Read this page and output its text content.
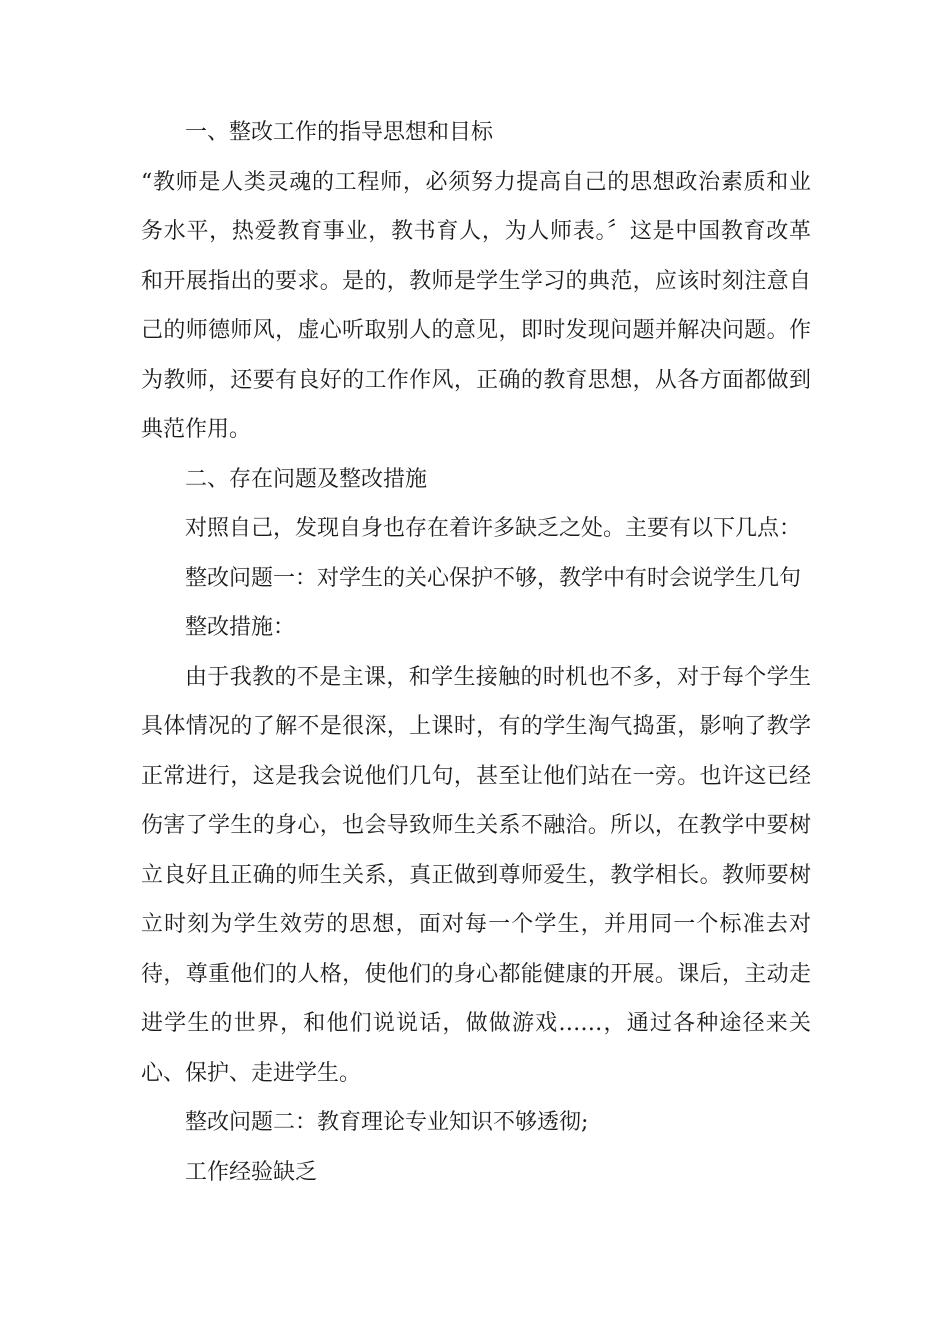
一、整改工作的指导思想和目标

“教师是人类灵魂的工程师，必须努力提高自己的思想政治素质和业务水平，热爱教育事业，教书育人，为人师表。〞这是中国教育改革和开展指出的要求。是的，教师是学生学习的典范，应该时刻注意自己的师德师风，虚心听取别人的意见，即时发现问题并解决问题。作为教师，还要有良好的工作作风，正确的教育思想，从各方面都做到典范作用。

二、存在问题及整改措施

对照自己，发现自身也存在着许多缺乏之处。主要有以下几点：

整改问题一：对学生的关心保护不够，教学中有时会说学生几句

整改措施：

由于我教的不是主课，和学生接触的时机也不多，对于每个学生具体情况的了解不是很深，上课时，有的学生淘气捣蛋，影响了教学正常进行，这是我会说他们几句，甚至让他们站在一旁。也许这已经伤害了学生的身心，也会导致师生关系不融洽。所以，在教学中要树立良好且正确的师生关系，真正做到尊师爱生，教学相长。教师要树立时刻为学生效劳的思想，面对每一个学生，并用同一个标准去对待，尊重他们的人格，使他们的身心都能健康的开展。课后，主动走进学生的世界，和他们说说话，做做游戏……，通过各种途径来关心、保护、走进学生。

整改问题二：教育理论专业知识不够透彻;

工作经验缺乏
